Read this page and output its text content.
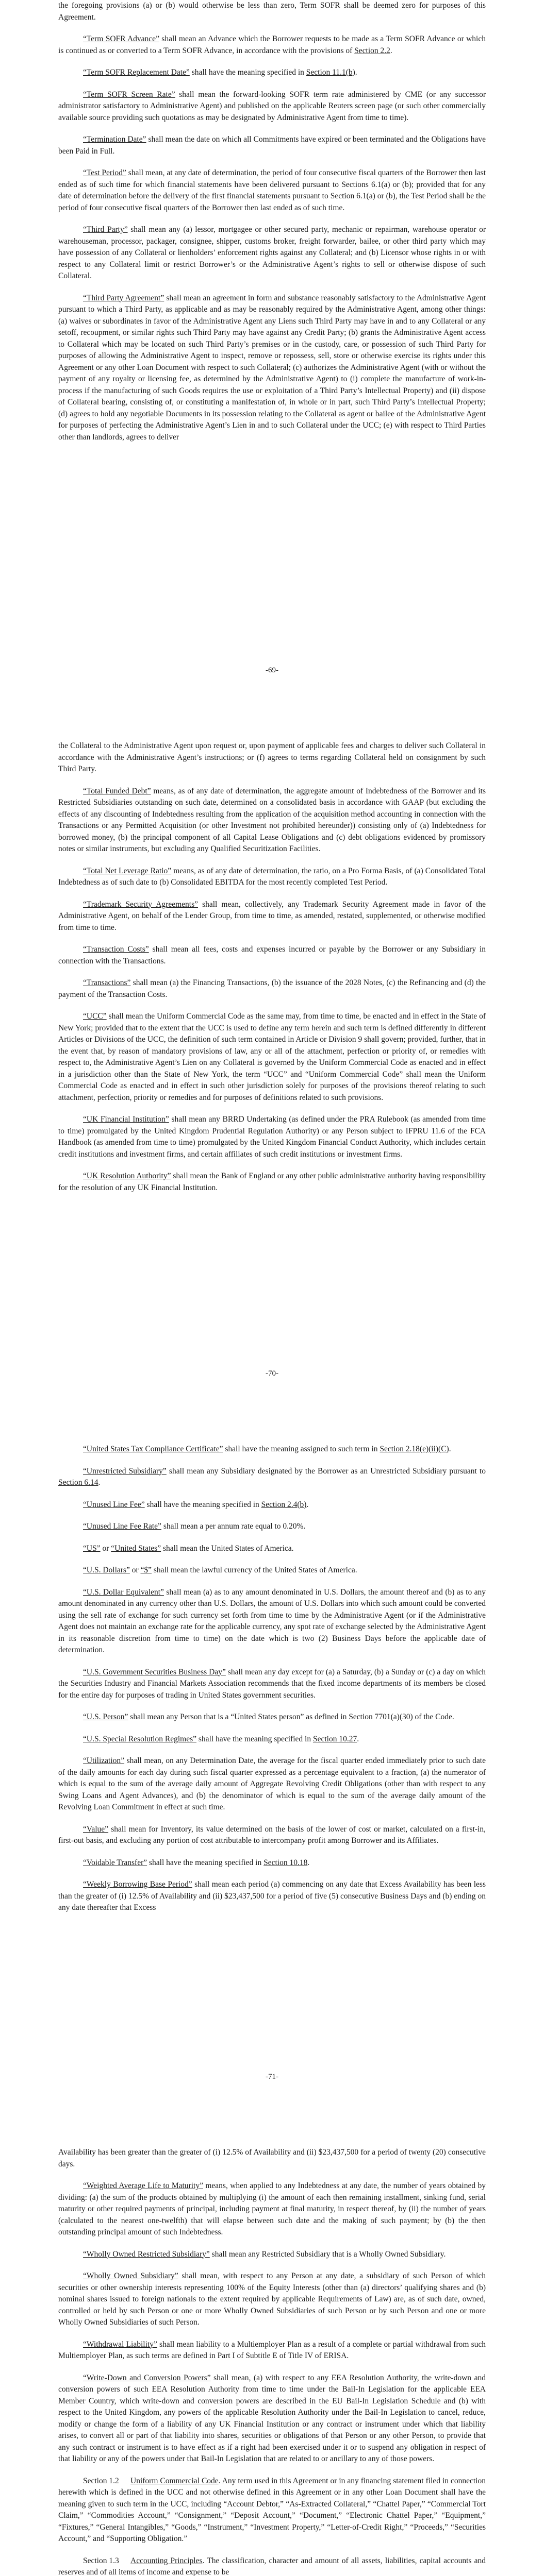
the foregoing provisions (a) or (b) would otherwise be less than zero, Term SOFR shall be deemed zero for purposes of this Agreement.

“Term SOFR Advance” shall mean an Advance which the Borrower requests to be made as a Term SOFR Advance or which is continued as or converted to a Term SOFR Advance, in accordance with the provisions of Section 2.2.

“Term SOFR Replacement Date” shall have the meaning specified in Section 11.1(b).

“Term SOFR Screen Rate” shall mean the forward-looking SOFR term rate administered by CME (or any successor administrator satisfactory to Administrative Agent) and published on the applicable Reuters screen page (or such other commercially available source providing such quotations as may be designated by Administrative Agent from time to time).

“Termination Date” shall mean the date on which all Commitments have expired or been terminated and the Obligations have been Paid in Full.

“Test Period” shall mean, at any date of determination, the period of four consecutive fiscal quarters of the Borrower then last ended as of such time for which financial statements have been delivered pursuant to Sections 6.1(a) or (b); provided that for any date of determination before the delivery of the first financial statements pursuant to Section 6.1(a) or (b), the Test Period shall be the period of four consecutive fiscal quarters of the Borrower then last ended as of such time.

“Third Party” shall mean any (a) lessor, mortgagee or other secured party, mechanic or repairman, warehouse operator or warehouseman, processor, packager, consignee, shipper, customs broker, freight forwarder, bailee, or other third party which may have possession of any Collateral or lienholders’ enforcement rights against any Collateral; and (b) Licensor whose rights in or with respect to any Collateral limit or restrict Borrower’s or the Administrative Agent’s rights to sell or otherwise dispose of such Collateral.

“Third Party Agreement” shall mean an agreement in form and substance reasonably satisfactory to the Administrative Agent pursuant to which a Third Party, as applicable and as may be reasonably required by the Administrative Agent, among other things: (a) waives or subordinates in favor of the Administrative Agent any Liens such Third Party may have in and to any Collateral or any setoff, recoupment, or similar rights such Third Party may have against any Credit Party; (b) grants the Administrative Agent access to Collateral which may be located on such Third Party’s premises or in the custody, care, or possession of such Third Party for purposes of allowing the Administrative Agent to inspect, remove or repossess, sell, store or otherwise exercise its rights under this Agreement or any other Loan Document with respect to such Collateral; (c) authorizes the Administrative Agent (with or without the payment of any royalty or licensing fee, as determined by the Administrative Agent) to (i) complete the manufacture of work-in-process if the manufacturing of such Goods requires the use or exploitation of a Third Party’s Intellectual Property) and (ii) dispose of Collateral bearing, consisting of, or constituting a manifestation of, in whole or in part, such Third Party’s Intellectual Property; (d) agrees to hold any negotiable Documents in its possession relating to the Collateral as agent or bailee of the Administrative Agent for purposes of perfecting the Administrative Agent’s Lien in and to such Collateral under the UCC; (e) with respect to Third Parties other than landlords, agrees to deliver

-69-

the Collateral to the Administrative Agent upon request or, upon payment of applicable fees and charges to deliver such Collateral in accordance with the Administrative Agent’s instructions; or (f) agrees to terms regarding Collateral held on consignment by such Third Party.

“Total Funded Debt” means, as of any date of determination, the aggregate amount of Indebtedness of the Borrower and its Restricted Subsidiaries outstanding on such date, determined on a consolidated basis in accordance with GAAP (but excluding the effects of any discounting of Indebtedness resulting from the application of the acquisition method accounting in connection with the Transactions or any Permitted Acquisition (or other Investment not prohibited hereunder)) consisting only of (a) Indebtedness for borrowed money, (b) the principal component of all Capital Lease Obligations and (c) debt obligations evidenced by promissory notes or similar instruments, but excluding any Qualified Securitization Facilities.

“Total Net Leverage Ratio” means, as of any date of determination, the ratio, on a Pro Forma Basis, of (a) Consolidated Total Indebtedness as of such date to (b) Consolidated EBITDA for the most recently completed Test Period.

“Trademark Security Agreements” shall mean, collectively, any Trademark Security Agreement made in favor of the Administrative Agent, on behalf of the Lender Group, from time to time, as amended, restated, supplemented, or otherwise modified from time to time.

“Transaction Costs” shall mean all fees, costs and expenses incurred or payable by the Borrower or any Subsidiary in connection with the Transactions.

“Transactions” shall mean (a) the Financing Transactions, (b) the issuance of the 2028 Notes, (c) the Refinancing and (d) the payment of the Transaction Costs.

“UCC” shall mean the Uniform Commercial Code as the same may, from time to time, be enacted and in effect in the State of New York; provided that to the extent that the UCC is used to define any term herein and such term is defined differently in different Articles or Divisions of the UCC, the definition of such term contained in Article or Division 9 shall govern; provided, further, that in the event that, by reason of mandatory provisions of law, any or all of the attachment, perfection or priority of, or remedies with respect to, the Administrative Agent’s Lien on any Collateral is governed by the Uniform Commercial Code as enacted and in effect in a jurisdiction other than the State of New York, the term “UCC” and “Uniform Commercial Code” shall mean the Uniform Commercial Code as enacted and in effect in such other jurisdiction solely for purposes of the provisions thereof relating to such attachment, perfection, priority or remedies and for purposes of definitions related to such provisions.

“UK Financial Institution” shall mean any BRRD Undertaking (as defined under the PRA Rulebook (as amended from time to time) promulgated by the United Kingdom Prudential Regulation Authority) or any Person subject to IFPRU 11.6 of the FCA Handbook (as amended from time to time) promulgated by the United Kingdom Financial Conduct Authority, which includes certain credit institutions and investment firms, and certain affiliates of such credit institutions or investment firms.

“UK Resolution Authority” shall mean the Bank of England or any other public administrative authority having responsibility for the resolution of any UK Financial Institution.

-70-

“United States Tax Compliance Certificate” shall have the meaning assigned to such term in Section 2.18(e)(ii)(C).

“Unrestricted Subsidiary” shall mean any Subsidiary designated by the Borrower as an Unrestricted Subsidiary pursuant to Section 6.14.

“Unused Line Fee” shall have the meaning specified in Section 2.4(b).

“Unused Line Fee Rate” shall mean a per annum rate equal to 0.20%.

“US” or “United States” shall mean the United States of America.

“U.S. Dollars” or “$” shall mean the lawful currency of the United States of America.

“U.S. Dollar Equivalent” shall mean (a) as to any amount denominated in U.S. Dollars, the amount thereof and (b) as to any amount denominated in any currency other than U.S. Dollars, the amount of U.S. Dollars into which such amount could be converted using the sell rate of exchange for such currency set forth from time to time by the Administrative Agent (or if the Administrative Agent does not maintain an exchange rate for the applicable currency, any spot rate of exchange selected by the Administrative Agent in its reasonable discretion from time to time) on the date which is two (2) Business Days before the applicable date of determination.

“U.S. Government Securities Business Day” shall mean any day except for (a) a Saturday, (b) a Sunday or (c) a day on which the Securities Industry and Financial Markets Association recommends that the fixed income departments of its members be closed for the entire day for purposes of trading in United States government securities.

“U.S. Person” shall mean any Person that is a “United States person” as defined in Section 7701(a)(30) of the Code.

“U.S. Special Resolution Regimes” shall have the meaning specified in Section 10.27.

“Utilization” shall mean, on any Determination Date, the average for the fiscal quarter ended immediately prior to such date of the daily amounts for each day during such fiscal quarter expressed as a percentage equivalent to a fraction, (a) the numerator of which is equal to the sum of the average daily amount of Aggregate Revolving Credit Obligations (other than with respect to any Swing Loans and Agent Advances), and (b) the denominator of which is equal to the sum of the average daily amount of the Revolving Loan Commitment in effect at such time.

“Value” shall mean for Inventory, its value determined on the basis of the lower of cost or market, calculated on a first-in, first-out basis, and excluding any portion of cost attributable to intercompany profit among Borrower and its Affiliates.

“Voidable Transfer” shall have the meaning specified in Section 10.18.

“Weekly Borrowing Base Period” shall mean each period (a) commencing on any date that Excess Availability has been less than the greater of (i) 12.5% of Availability and (ii) $23,437,500 for a period of five (5) consecutive Business Days and (b) ending on any date thereafter that Excess

-71-

Availability has been greater than the greater of (i) 12.5% of Availability and (ii) $23,437,500 for a period of twenty (20) consecutive days.

“Weighted Average Life to Maturity” means, when applied to any Indebtedness at any date, the number of years obtained by dividing: (a) the sum of the products obtained by multiplying (i) the amount of each then remaining installment, sinking fund, serial maturity or other required payments of principal, including payment at final maturity, in respect thereof, by (ii) the number of years (calculated to the nearest one-twelfth) that will elapse between such date and the making of such payment; by (b) the then outstanding principal amount of such Indebtedness.

“Wholly Owned Restricted Subsidiary” shall mean any Restricted Subsidiary that is a Wholly Owned Subsidiary.

“Wholly Owned Subsidiary” shall mean, with respect to any Person at any date, a subsidiary of such Person of which securities or other ownership interests representing 100% of the Equity Interests (other than (a) directors’ qualifying shares and (b) nominal shares issued to foreign nationals to the extent required by applicable Requirements of Law) are, as of such date, owned, controlled or held by such Person or one or more Wholly Owned Subsidiaries of such Person or by such Person and one or more Wholly Owned Subsidiaries of such Person.

“Withdrawal Liability” shall mean liability to a Multiemployer Plan as a result of a complete or partial withdrawal from such Multiemployer Plan, as such terms are defined in Part I of Subtitle E of Title IV of ERISA.

“Write-Down and Conversion Powers” shall mean, (a) with respect to any EEA Resolution Authority, the write-down and conversion powers of such EEA Resolution Authority from time to time under the Bail-In Legislation for the applicable EEA Member Country, which write-down and conversion powers are described in the EU Bail-In Legislation Schedule and (b) with respect to the United Kingdom, any powers of the applicable Resolution Authority under the Bail-In Legislation to cancel, reduce, modify or change the form of a liability of any UK Financial Institution or any contract or instrument under which that liability arises, to convert all or part of that liability into shares, securities or obligations of that Person or any other Person, to provide that any such contract or instrument is to have effect as if a right had been exercised under it or to suspend any obligation in respect of that liability or any of the powers under that Bail-In Legislation that are related to or ancillary to any of those powers.

Section 1.2 Uniform Commercial Code. Any term used in this Agreement or in any financing statement filed in connection herewith which is defined in the UCC and not otherwise defined in this Agreement or in any other Loan Document shall have the meaning given to such term in the UCC, including “Account Debtor,” “As-Extracted Collateral,” “Chattel Paper,” “Commercial Tort Claim,” “Commodities Account,” “Consignment,” “Deposit Account,” “Document,” “Electronic Chattel Paper,” “Equipment,” “Fixtures,” “General Intangibles,” “Goods,” “Instrument,” “Investment Property,” “Letter-of-Credit Right,” “Proceeds,” “Securities Account,” and “Supporting Obligation.”

Section 1.3 Accounting Principles. The classification, character and amount of all assets, liabilities, capital accounts and reserves and of all items of income and expense to be
